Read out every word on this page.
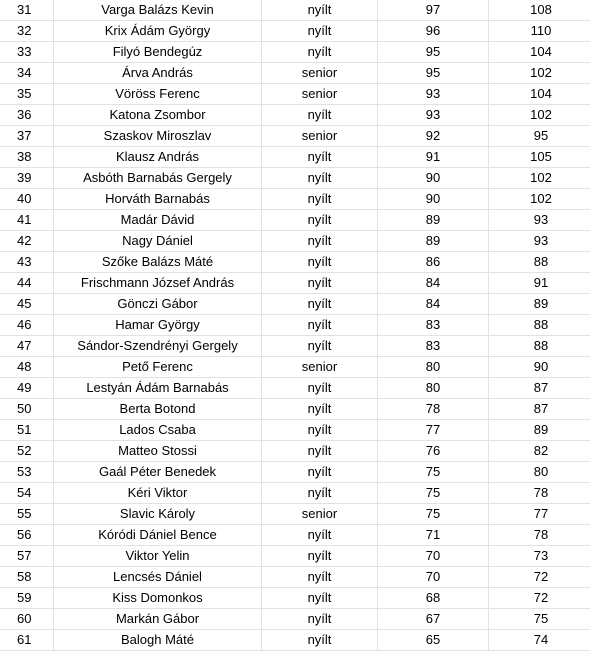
31	Varga Balázs Kevin	nyílt	97	108
32	Krix Ádám György	nyílt	96	110
33	Filyó Bendegúz	nyílt	95	104
34	Árva András	senior	95	102
35	Vöröss Ferenc	senior	93	104
36	Katona Zsombor	nyílt	93	102
37	Szaskov Miroszlav	senior	92	95
38	Klausz András	nyílt	91	105
39	Asbóth Barnabás Gergely	nyílt	90	102
40	Horváth Barnabás	nyílt	90	102
41	Madár Dávid	nyílt	89	93
42	Nagy Dániel	nyílt	89	93
43	Szőke Balázs Máté	nyílt	86	88
44	Frischmann József András	nyílt	84	91
45	Gönczi Gábor	nyílt	84	89
46	Hamar György	nyílt	83	88
47	Sándor-Szendrényi Gergely	nyílt	83	88
48	Pető Ferenc	senior	80	90
49	Lestyán Ádám Barnabás	nyílt	80	87
50	Berta Botond	nyílt	78	87
51	Lados Csaba	nyílt	77	89
52	Matteo Stossi	nyílt	76	82
53	Gaál Péter Benedek	nyílt	75	80
54	Kéri Viktor	nyílt	75	78
55	Slavic Károly	senior	75	77
56	Kóródi Dániel Bence	nyílt	71	78
57	Viktor Yelin	nyílt	70	73
58	Lencsés Dániel	nyílt	70	72
59	Kiss Domonkos	nyílt	68	72
60	Markán Gábor	nyílt	67	75
61	Balogh Máté	nyílt	65	74
